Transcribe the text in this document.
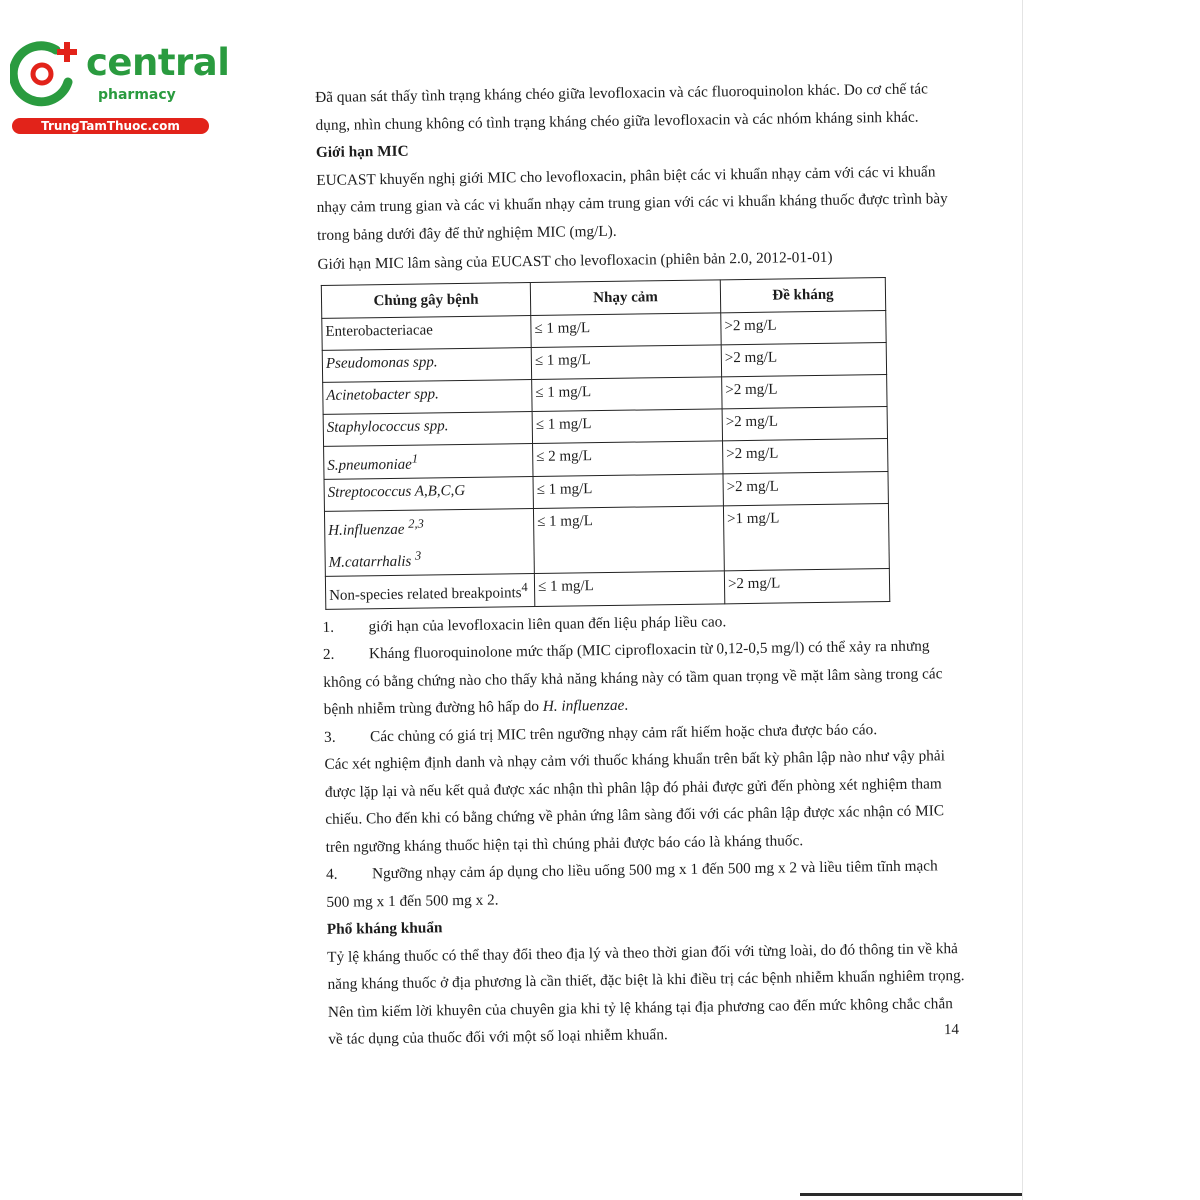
central
pharmacy
TrungTamThuoc.com

Đã quan sát thấy tình trạng kháng chéo giữa levofloxacin và các fluoroquinolon khác. Do cơ chế tác dụng, nhìn chung không có tình trạng kháng chéo giữa levofloxacin và các nhóm kháng sinh khác.

Giới hạn MIC

EUCAST khuyến nghị giới MIC cho levofloxacin, phân biệt các vi khuẩn nhạy cảm với các vi khuẩn nhạy cảm trung gian và các vi khuẩn nhạy cảm trung gian với các vi khuẩn kháng thuốc được trình bày trong bảng dưới đây để thử nghiệm MIC (mg/L).

Giới hạn MIC lâm sàng của EUCAST cho levofloxacin (phiên bản 2.0, 2012-01-01)

Chủng gây bệnh	Nhạy cảm	Đề kháng
Enterobacteriacae	≤ 1 mg/L	>2 mg/L
Pseudomonas spp.	≤ 1 mg/L	>2 mg/L
Acinetobacter spp.	≤ 1 mg/L	>2 mg/L
Staphylococcus spp.	≤ 1 mg/L	>2 mg/L
S.pneumoniae$^1$	≤ 2 mg/L	>2 mg/L
Streptococcus A,B,C,G	≤ 1 mg/L	>2 mg/L
H.influenzae $^{2,3}$
M.catarrhalis $^3$	≤ 1 mg/L	>1 mg/L
Non-species related breakpoints$^4$	≤ 1 mg/L	>2 mg/L
1.	giới hạn của levofloxacin liên quan đến liệu pháp liều cao.
2.	Kháng fluoroquinolone mức thấp (MIC ciprofloxacin từ 0,12-0,5 mg/l) có thể xảy ra nhưng

không có bằng chứng nào cho thấy khả năng kháng này có tầm quan trọng về mặt lâm sàng trong các bệnh nhiễm trùng đường hô hấp do H. influenzae.

3.	Các chủng có giá trị MIC trên ngưỡng nhạy cảm rất hiếm hoặc chưa được báo cáo.

Các xét nghiệm định danh và nhạy cảm với thuốc kháng khuẩn trên bất kỳ phân lập nào như vậy phải được lặp lại và nếu kết quả được xác nhận thì phân lập đó phải được gửi đến phòng xét nghiệm tham chiếu. Cho đến khi có bằng chứng về phản ứng lâm sàng đối với các phân lập được xác nhận có MIC trên ngưỡng kháng thuốc hiện tại thì chúng phải được báo cáo là kháng thuốc.

4.	Ngưỡng nhạy cảm áp dụng cho liều uống 500 mg x 1 đến 500 mg x 2 và liều tiêm tĩnh mạch

500 mg x 1 đến 500 mg x 2.

Phổ kháng khuẩn

Tỷ lệ kháng thuốc có thể thay đổi theo địa lý và theo thời gian đối với từng loài, do đó thông tin về khả năng kháng thuốc ở địa phương là cần thiết, đặc biệt là khi điều trị các bệnh nhiễm khuẩn nghiêm trọng. Nên tìm kiếm lời khuyên của chuyên gia khi tỷ lệ kháng tại địa phương cao đến mức không chắc chắn về tác dụng của thuốc đối với một số loại nhiễm khuẩn.	14
